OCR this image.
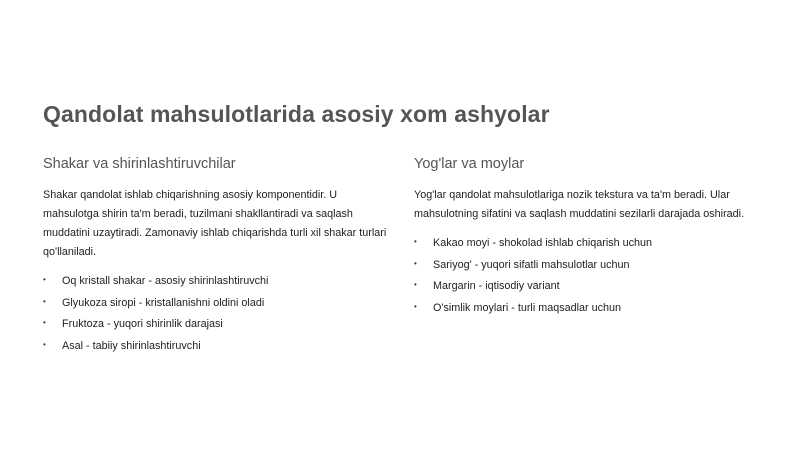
Qandolat mahsulotlarida asosiy xom ashyolar
Shakar va shirinlashtiruvchilar

Shakar qandolat ishlab chiqarishning asosiy komponentidir. U mahsulotga shirin ta'm beradi, tuzilmani shakllantiradi va saqlash muddatini uzaytiradi. Zamonaviy ishlab chiqarishda turli xil shakar turlari qo'llaniladi.

• Oq kristall shakar - asosiy shirinlashtiruvchi
• Glyukoza siropi - kristallanishni oldini oladi
• Fruktoza - yuqori shirinlik darajasi
• Asal - tabiiy shirinlashtiruvchi
Yog'lar va moylar

Yog'lar qandolat mahsulotlariga nozik tekstura va ta'm beradi. Ular mahsulotning sifatini va saqlash muddatini sezilarli darajada oshiradi.

• Kakao moyi - shokolad ishlab chiqarish uchun
• Sariyog' - yuqori sifatli mahsulotlar uchun
• Margarin - iqtisodiy variant
• O'simlik moylari - turli maqsadlar uchun
